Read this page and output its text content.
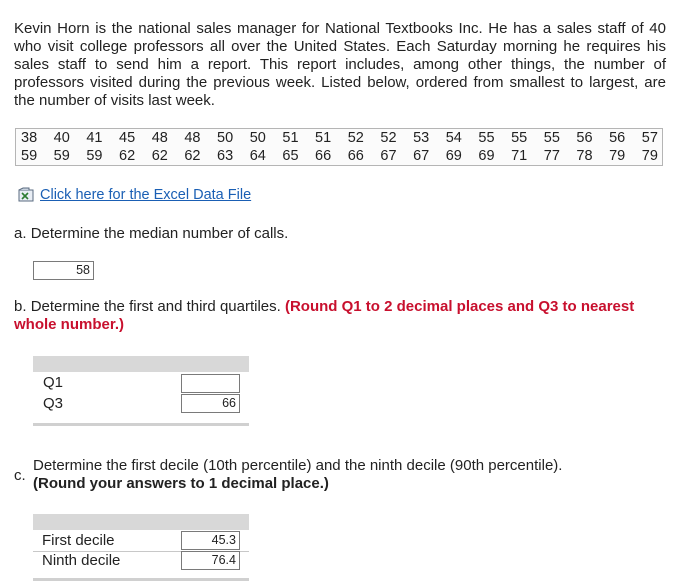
Kevin Horn is the national sales manager for National Textbooks Inc. He has a sales staff of 40 who visit college professors all over the United States. Each Saturday morning he requires his sales staff to send him a report. This report includes, among other things, the number of professors visited during the previous week. Listed below, ordered from smallest to largest, are the number of visits last week.

38 40 41 45 48 48 50 50 51 51 52 52 53 54 55 55 55 56 56 57
59 59 59 62 62 62 63 64 65 66 66 67 67 69 69 71 77 78 79 79
Click here for the Excel Data File
a. Determine the median number of calls.
58
b. Determine the first and third quartiles. (Round Q1 to 2 decimal places and Q3 to nearest whole number.)
Q1
Q3	66
c.
Determine the first decile (10th percentile) and the ninth decile (90th percentile).
(Round your answers to 1 decimal place.)
First decile	45.3
Ninth decile	76.4
